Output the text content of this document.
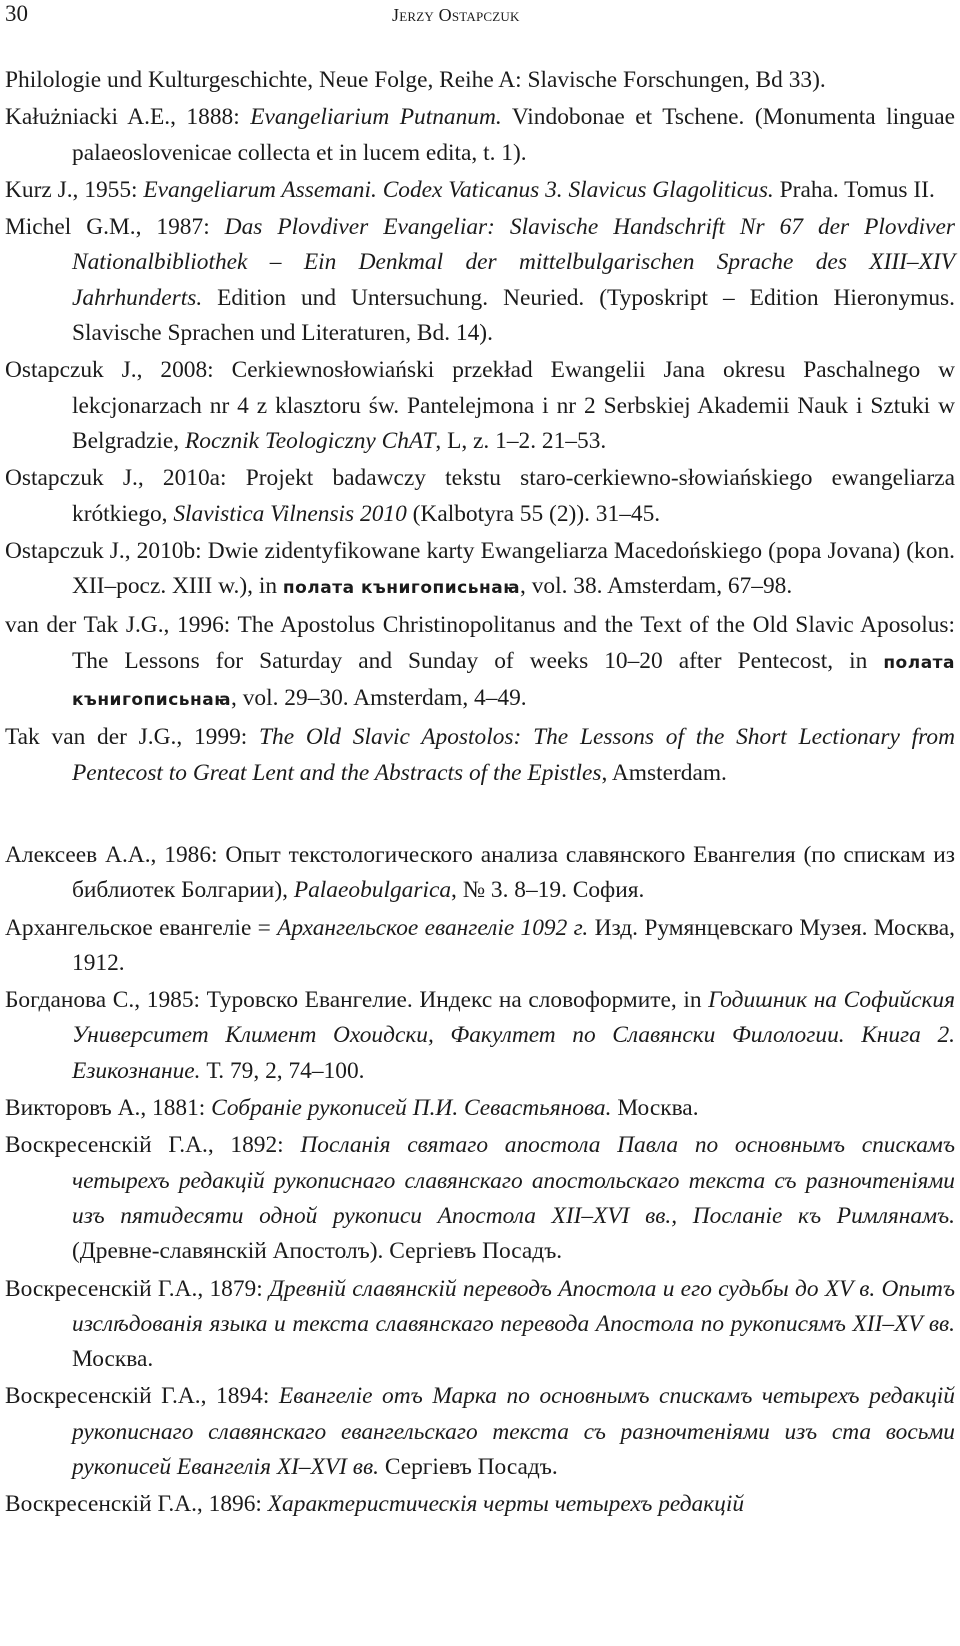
30	Jerzy Ostapczuk

Philologie und Kulturgeschichte, Neue Folge, Reihe A: Slavische Forschungen, Bd 33).

Kałużniacki A.E., 1888: Evangeliarium Putnanum. Vindobonae et Tschene. (Monumenta linguae palaeoslovenicae collecta et in lucem edita, t. 1).

Kurz J., 1955: Evangeliarum Assemani. Codex Vaticanus 3. Slavicus Glagoliticus. Praha. Tomus II.

Michel G.M., 1987: Das Plovdiver Evangeliar: Slavische Handschrift Nr 67 der Plovdiver Nationalbibliothek – Ein Denkmal der mittelbulgarischen Sprache des XIII–XIV Jahrhunderts. Edition und Untersuchung. Neuried. (Typoskript – Edition Hieronymus. Slavische Sprachen und Literaturen, Bd. 14).

Ostapczuk J., 2008: Cerkiewnosłowiański przekład Ewangelii Jana okresu Paschalnego w lekcjonarzach nr 4 z klasztoru św. Pantelejmona i nr 2 Serbskiej Akademii Nauk i Sztuki w Belgradzie, Rocznik Teologiczny ChAT, L, z. 1–2. 21–53.

Ostapczuk J., 2010a: Projekt badawczy tekstu staro-cerkiewno-słowiańskiego ewangeliarza krótkiego, Slavistica Vilnensis 2010 (Kalbotyra 55 (2)). 31–45.

Ostapczuk J., 2010b: Dwie zidentyfikowane karty Ewangeliarza Macedońskiego (popa Jovana) (kon. XII–pocz. XIII w.), in полата кънигописьнаꙗ, vol. 38. Amsterdam, 67–98.

van der Tak J.G., 1996: The Apostolus Christinopolitanus and the Text of the Old Slavic Aposolus: The Lessons for Saturday and Sunday of weeks 10–20 after Pentecost, in полата кънигописьнаꙗ, vol. 29–30. Amsterdam, 4–49.

Tak van der J.G., 1999: The Old Slavic Apostolos: The Lessons of the Short Lectionary from Pentecost to Great Lent and the Abstracts of the Epistles, Amsterdam.

Алексеев А.А., 1986: Опыт текстологического анализа славянского Евангелия (по спискам из библиотек Болгарии), Palaeobulgarica, № 3. 8–19. София.

Архангельское евангеліе = Архангельское евангеліе 1092 г. Изд. Румянцевскаго Музея. Москва, 1912.

Богданова С., 1985: Туровско Евангелие. Индекс на словоформите, in Годишник на Софийския Университет Климент Охоидски, Факултет по Славянски Филологии. Книга 2. Езикознание. Т. 79, 2, 74–100.

Викторовъ А., 1881: Собраніе рукописей П.И. Севастьянова. Москва.

Воскресенскій Г.А., 1892: Посланія святаго апостола Павла по основнымъ спискамъ четырехъ редакцій рукописнаго славянскаго апостольскаго текста съ разночтеніями изъ пятидесяти одной рукописи Апостола XII–XVI вв., Посланіе къ Римлянамъ. (Древне-славянскій Апостолъ). Сергіевъ Посадъ.

Воскресенскій Г.А., 1879: Древній славянскій переводъ Апостола и его судьбы до XV в. Опытъ изслѣдованія языка и текста славянскаго перевода Апостола по рукописямъ XII–XV вв. Москва.

Воскресенскій Г.А., 1894: Евангеліе отъ Марка по основнымъ спискамъ четырехъ редакцій рукописнаго славянскаго евангельскаго текста съ разночтеніями изъ ста восьми рукописей Евангелія XI–XVI вв. Сергіевъ Посадъ.

Воскресенскій Г.А., 1896: Характеристическія черты четырехъ редакцій
